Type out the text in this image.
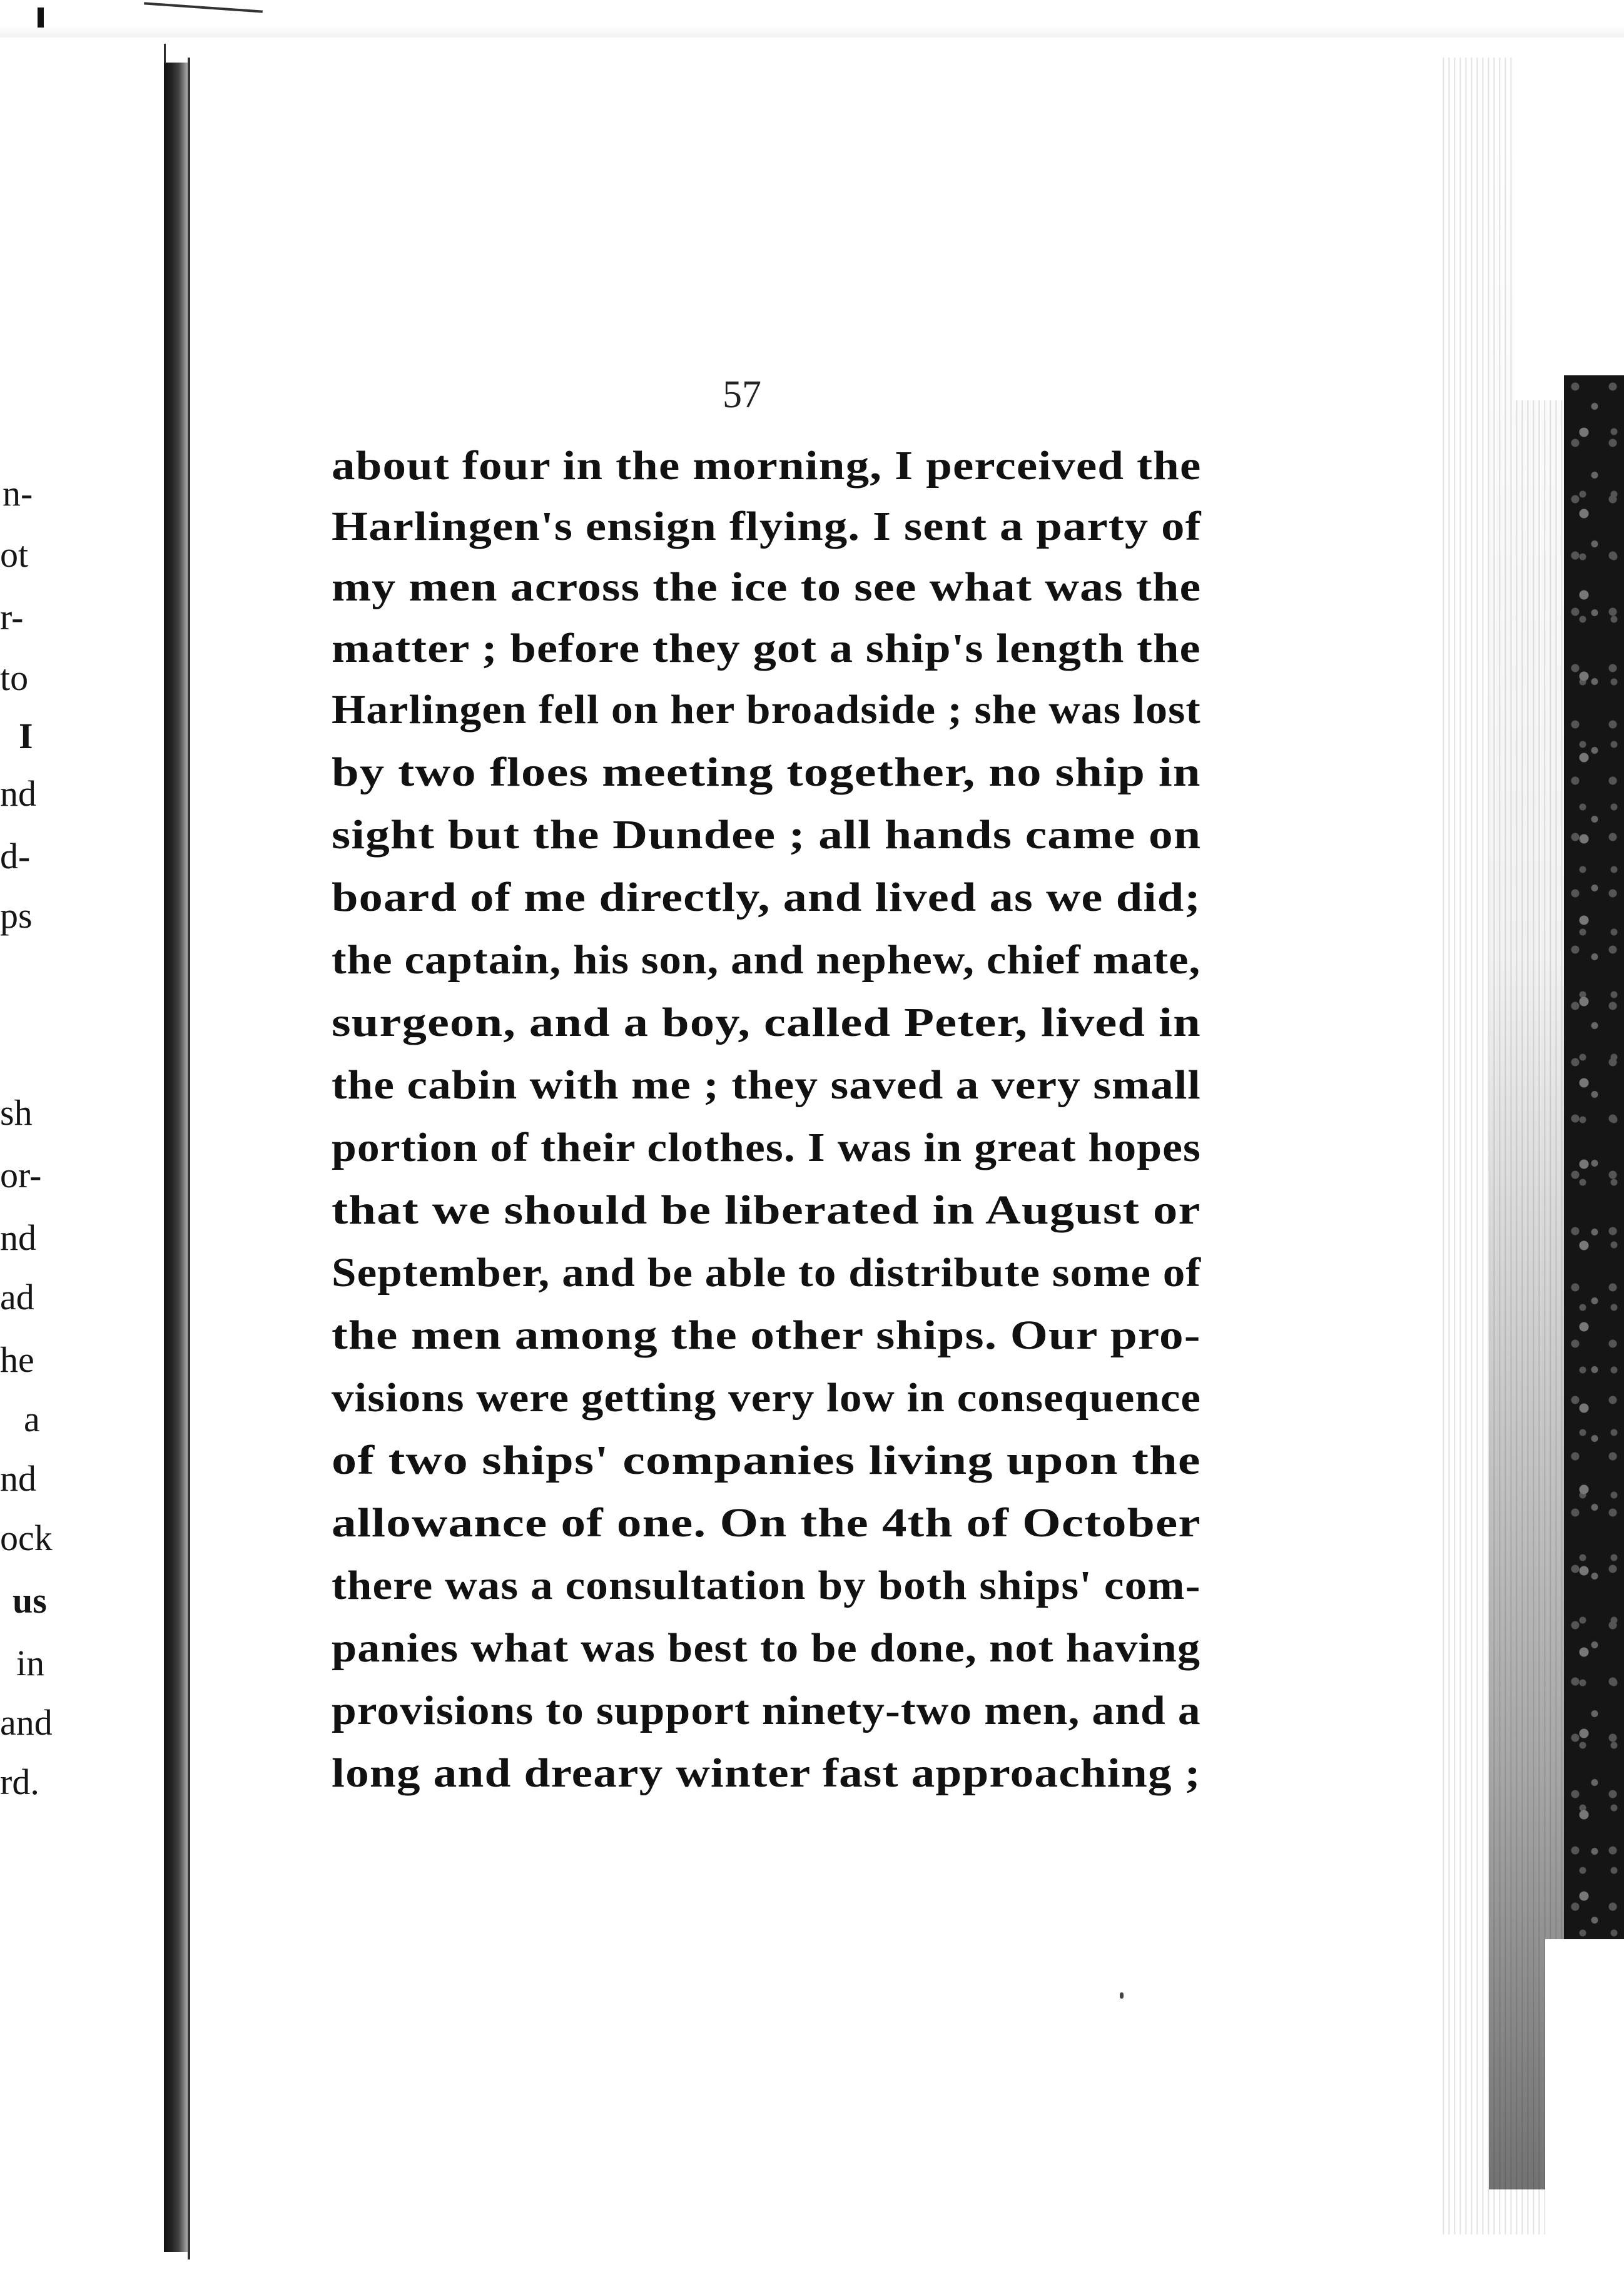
n-
ot
r-
to
I
nd
d-
ps
sh
or-
nd
ad
he
a
nd
ock
us
in
and
rd.
57
about four in the morning, I perceived the
Harlingen's ensign flying. I sent a party of
my men across the ice to see what was the
matter ; before they got a ship's length the
Harlingen fell on her broadside ; she was lost
by two floes meeting together, no ship in
sight but the Dundee ; all hands came on
board of me directly, and lived as we did;
the captain, his son, and nephew, chief mate,
surgeon, and a boy, called Peter, lived in
the cabin with me ; they saved a very small
portion of their clothes. I was in great hopes
that we should be liberated in August or
September, and be able to distribute some of
the men among the other ships. Our pro-
visions were getting very low in consequence
of two ships' companies living upon the
allowance of one. On the 4th of October
there was a consultation by both ships' com-
panies what was best to be done, not having
provisions to support ninety-two men, and a
long and dreary winter fast approaching ;
